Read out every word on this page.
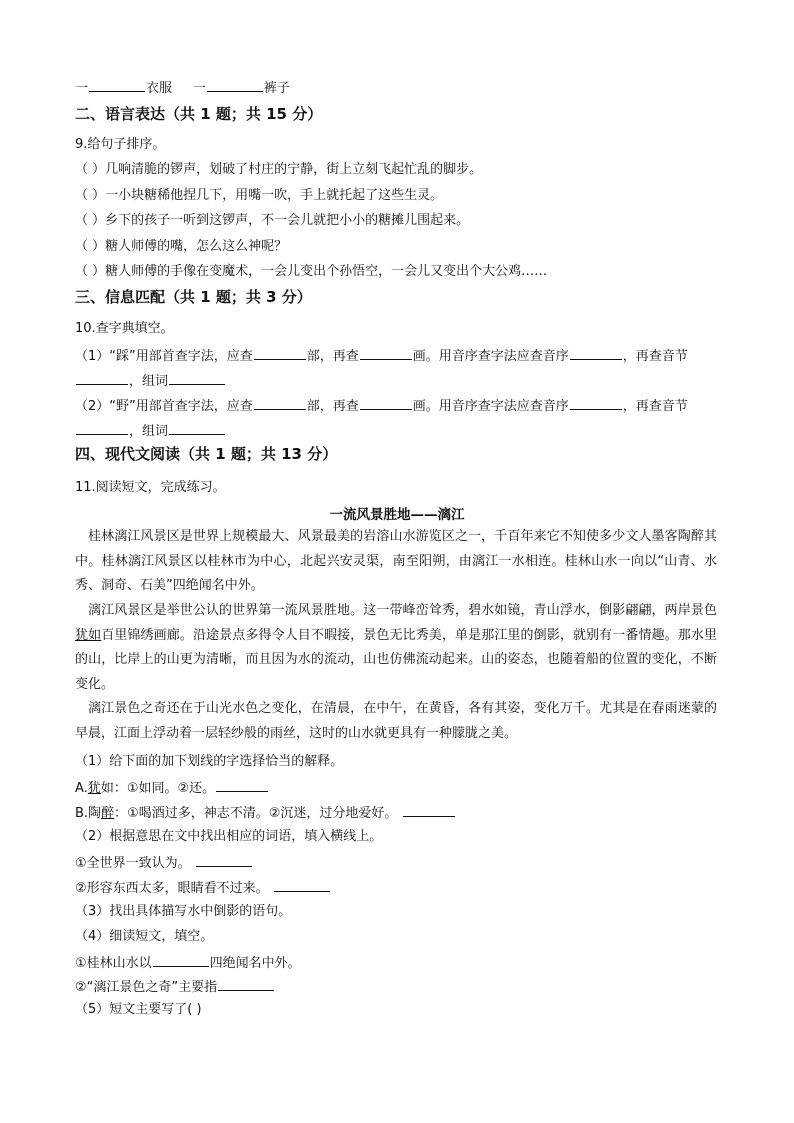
一	衣服 一	裤子
二、语言表达（共 1 题；共 15 分）
9.给句子排序。
（ ）几响清脆的锣声，划破了村庄的宁静，街上立刻飞起忙乱的脚步。
（ ）一小块糖稀他捏几下，用嘴一吹，手上就托起了这些生灵。
（ ）乡下的孩子一听到这锣声，不一会儿就把小小的糖摊儿围起来。
（ ）糖人师傅的嘴，怎么这么神呢？
（ ）糖人师傅的手像在变魔术，一会儿变出个孙悟空，一会儿又变出个大公鸡……
三、信息匹配（共 1 题；共 3 分）
10.查字典填空。
（1）“踩”用部首查字法，应查	部，再查	画。用音序查字法应查音序	，再查音节
，组词
（2）“野”用部首查字法，应查	部，再查	画。用音序查字法应查音序	，再查音节
，组词
四、现代文阅读（共 1 题；共 13 分）
11.阅读短文，完成练习。
一流风景胜地——漓江
桂林漓江风景区是世界上规模最大、风景最美的岩溶山水游览区之一，千百年来它不知使多少文人墨客陶醉其中。桂林漓江风景区以桂林市为中心，北起兴安灵渠，南至阳朔，由漓江一水相连。桂林山水一向以“山青、水秀、洞奇、石美”四绝闻名中外。
漓江风景区是举世公认的世界第一流风景胜地。这一带峰峦耸秀，碧水如镜，青山浮水，倒影翩翩，两岸景色犹如百里锦绣画廊。沿途景点多得令人目不暇接，景色无比秀美，单是那江里的倒影，就别有一番情趣。那水里的山，比岸上的山更为清晰，而且因为水的流动，山也仿佛流动起来。山的姿态，也随着船的位置的变化，不断变化。
漓江景色之奇还在于山光水色之变化，在清晨，在中午，在黄昏，各有其姿，变化万千。尤其是在春雨迷蒙的早晨，江面上浮动着一层轻纱般的雨丝，这时的山水就更具有一种朦胧之美。
（1）给下面的加下划线的字选择恰当的解释。
A.犹如：①如同。②还。
B.陶醉：①喝酒过多，神志不清。②沉迷，过分地爱好。
（2）根据意思在文中找出相应的词语，填入横线上。
①全世界一致认为。
②形容东西太多，眼睛看不过来。
（3）找出具体描写水中倒影的语句。
（4）细读短文，填空。
①桂林山水以	四绝闻名中外。
②“漓江景色之奇”主要指
（5）短文主要写了( )
